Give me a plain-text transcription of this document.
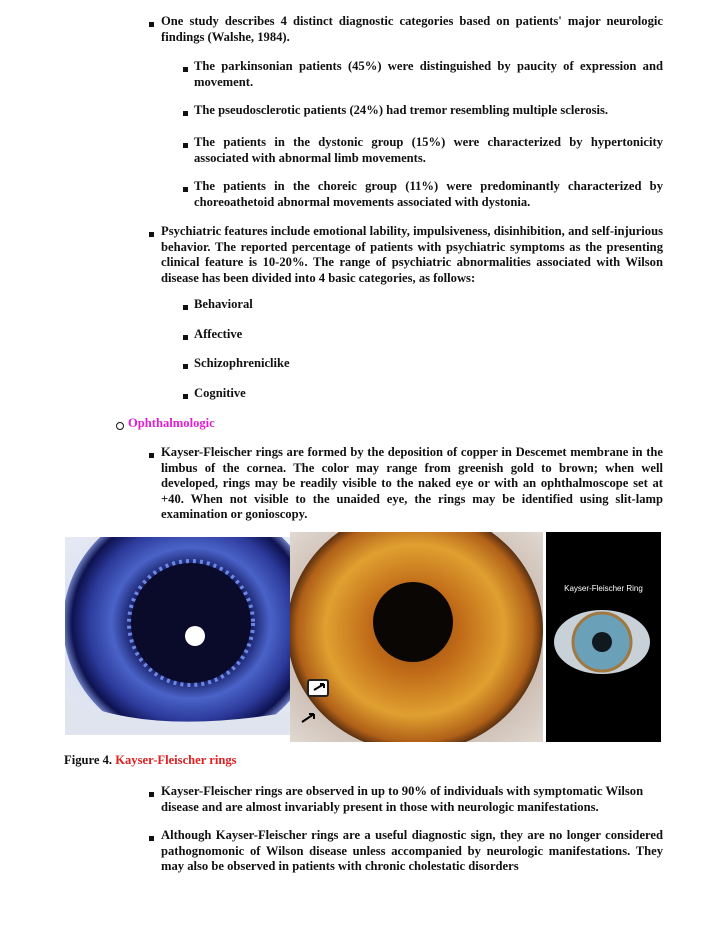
One study describes 4 distinct diagnostic categories based on patients' major neurologic findings (Walshe, 1984).
The parkinsonian patients (45%) were distinguished by paucity of expression and movement.
The pseudosclerotic patients (24%) had tremor resembling multiple sclerosis.
The patients in the dystonic group (15%) were characterized by hypertonicity associated with abnormal limb movements.
The patients in the choreic group (11%) were predominantly characterized by choreoathetoid abnormal movements associated with dystonia.
Psychiatric features include emotional lability, impulsiveness, disinhibition, and self-injurious behavior. The reported percentage of patients with psychiatric symptoms as the presenting clinical feature is 10-20%. The range of psychiatric abnormalities associated with Wilson disease has been divided into 4 basic categories, as follows:
Behavioral
Affective
Schizophreniclike
Cognitive
Ophthalmologic
Kayser-Fleischer rings are formed by the deposition of copper in Descemet membrane in the limbus of the cornea. The color may range from greenish gold to brown; when well developed, rings may be readily visible to the naked eye or with an ophthalmoscope set at +40. When not visible to the unaided eye, the rings may be identified using slit-lamp examination or gonioscopy.
Kayser-Fleischer Ring
Figure 4. Kayser-Fleischer rings
Kayser-Fleischer rings are observed in up to 90% of individuals with symptomatic Wilson disease and are almost invariably present in those with neurologic manifestations.
Although Kayser-Fleischer rings are a useful diagnostic sign, they are no longer considered pathognomonic of Wilson disease unless accompanied by neurologic manifestations. They may also be observed in patients with chronic cholestatic disorders
